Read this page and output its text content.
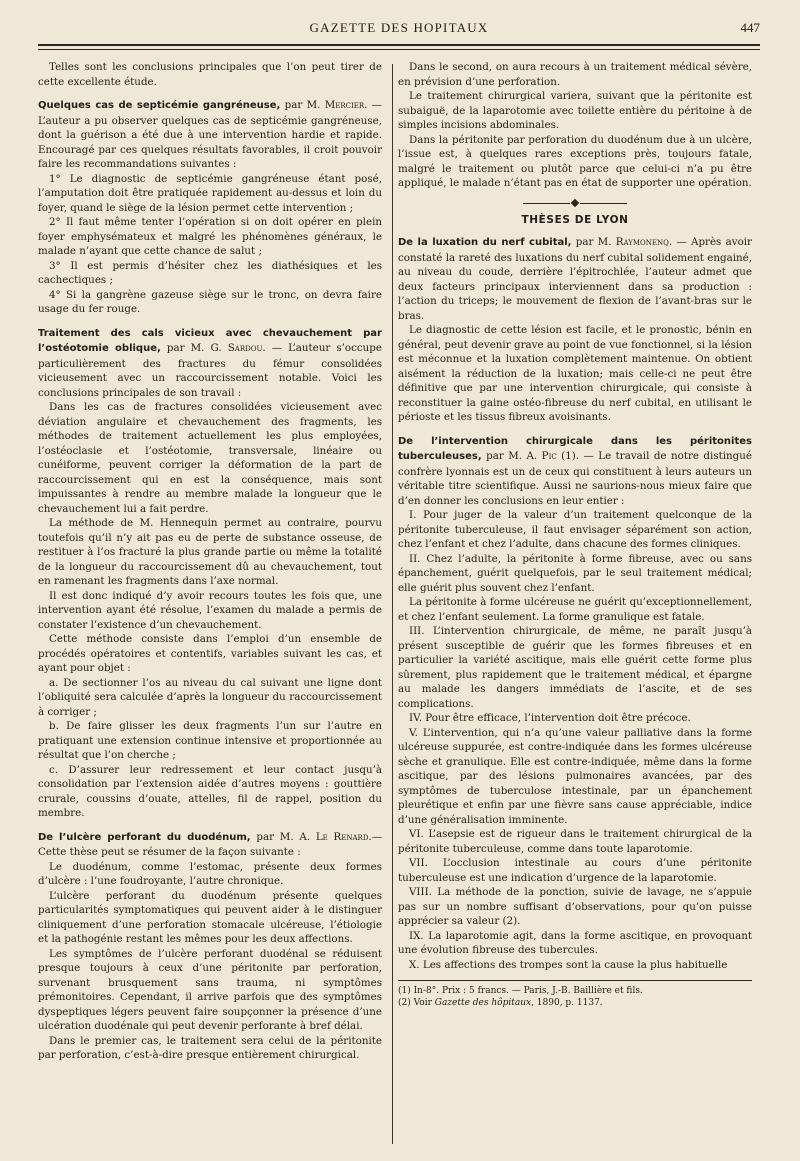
GAZETTE DES HOPITAUX	447

Telles sont les conclusions principales que l’on peut tirer de cette excellente étude.

Quelques cas de septicémie gangréneuse, par M. Mercier. — L’auteur a pu observer quelques cas de septicémie gangréneuse, dont la guérison a été due à une intervention hardie et rapide. Encouragé par ces quelques résultats favorables, il croit pouvoir faire les recommandations suivantes :

1° Le diagnostic de septicémie gangréneuse étant posé, l’amputation doit être pratiquée rapidement au-dessus et loin du foyer, quand le siège de la lésion permet cette intervention ;

2° Il faut même tenter l’opération si on doit opérer en plein foyer emphysémateux et malgré les phénomènes généraux, le malade n’ayant que cette chance de salut ;

3° Il est permis d’hésiter chez les diathésiques et les cachectiques ;

4° Si la gangrène gazeuse siège sur le tronc, on devra faire usage du fer rouge.

Traitement des cals vicieux avec chevauchement par l’ostéotomie oblique, par M. G. Sardou. — L’auteur s’occupe particulièrement des fractures du fémur consolidées vicieusement avec un raccourcissement notable. Voici les conclusions principales de son travail :

Dans les cas de fractures consolidées vicieusement avec déviation angulaire et chevauchement des fragments, les méthodes de traitement actuellement les plus employées, l’ostéoclasie et l’ostéotomie, transversale, linéaire ou cunéiforme, peuvent corriger la déformation de la part de raccourcissement qui en est la conséquence, mais sont impuissantes à rendre au membre malade la longueur que le chevauchement lui a fait perdre.

La méthode de M. Hennequin permet au contraire, pourvu toutefois qu’il n’y ait pas eu de perte de substance osseuse, de restituer à l’os fracturé la plus grande partie ou même la totalité de la longueur du raccourcissement dû au chevauchement, tout en ramenant les fragments dans l’axe normal.

Il est donc indiqué d’y avoir recours toutes les fois que, une intervention ayant été résolue, l’examen du malade a permis de constater l’existence d’un chevauchement.

Cette méthode consiste dans l’emploi d’un ensemble de procédés opératoires et contentifs, variables suivant les cas, et ayant pour objet :

a. De sectionner l’os au niveau du cal suivant une ligne dont l’obliquité sera calculée d’après la longueur du raccourcissement à corriger ;

b. De faire glisser les deux fragments l’un sur l’autre en pratiquant une extension continue intensive et proportionnée au résultat que l’on cherche ;

c. D’assurer leur redressement et leur contact jusqu’à consolidation par l’extension aidée d’autres moyens : gouttière crurale, coussins d’ouate, attelles, fil de rappel, position du membre.

De l’ulcère perforant du duodénum, par M. A. Le Renard.— Cette thèse peut se résumer de la façon suivante :

Le duodénum, comme l’estomac, présente deux formes d’ulcère : l’une foudroyante, l’autre chronique.

L’ulcère perforant du duodénum présente quelques particularités symptomatiques qui peuvent aider à le distinguer cliniquement d’une perforation stomacale ulcéreuse, l’étiologie et la pathogénie restant les mêmes pour les deux affections.

Les symptômes de l’ulcère perforant duodénal se réduisent presque toujours à ceux d’une péritonite par perforation, survenant brusquement sans trauma, ni symptômes prémonitoires. Cependant, il arrive parfois que des symptômes dyspeptiques légers peuvent faire soupçonner la présence d’une ulcération duodénale qui peut devenir perforante à bref délai.

Dans le premier cas, le traitement sera celui de la péritonite par perforation, c’est-à-dire presque entièrement chirurgical.

Dans le second, on aura recours à un traitement médical sévère, en prévision d’une perforation.

Le traitement chirurgical variera, suivant que la péritonite est subaiguë, de la laparotomie avec toilette entière du péritoine à de simples incisions abdominales.

Dans la péritonite par perforation du duodénum due à un ulcère, l’issue est, à quelques rares exceptions près, toujours fatale, malgré le traitement ou plutôt parce que celui-ci n’a pu être appliqué, le malade n’étant pas en état de supporter une opération.

THÈSES DE LYON

De la luxation du nerf cubital, par M. Raymonenq. — Après avoir constaté la rareté des luxations du nerf cubital solidement engainé, au niveau du coude, derrière l’épitrochlée, l’auteur admet que deux facteurs principaux interviennent dans sa production : l’action du triceps; le mouvement de flexion de l’avant-bras sur le bras.

Le diagnostic de cette lésion est facile, et le pronostic, bénin en général, peut devenir grave au point de vue fonctionnel, si la lésion est méconnue et la luxation complètement maintenue. On obtient aisément la réduction de la luxation; mais celle-ci ne peut être définitive que par une intervention chirurgicale, qui consiste à reconstituer la gaine ostéo-fibreuse du nerf cubital, en utilisant le périoste et les tissus fibreux avoisinants.

De l’intervention chirurgicale dans les péritonites tuberculeuses, par M. A. Pic (1). — Le travail de notre distingué confrère lyonnais est un de ceux qui constituent à leurs auteurs un véritable titre scientifique. Aussi ne saurions-nous mieux faire que d’en donner les conclusions en leur entier :

I. Pour juger de la valeur d’un traitement quelconque de la péritonite tuberculeuse, il faut envisager séparément son action, chez l’enfant et chez l’adulte, dans chacune des formes cliniques.

II. Chez l’adulte, la péritonite à forme fibreuse, avec ou sans épanchement, guérit quelquefois, par le seul traitement médical; elle guérit plus souvent chez l’enfant.

La péritonite à forme ulcéreuse ne guérit qu’exceptionnellement, et chez l’enfant seulement. La forme granulique est fatale.

III. L’intervention chirurgicale, de même, ne paraît jusqu’à présent susceptible de guérir que les formes fibreuses et en particulier la variété ascitique, mais elle guérit cette forme plus sûrement, plus rapidement que le traitement médical, et épargne au malade les dangers immédiats de l’ascite, et de ses complications.

IV. Pour être efficace, l’intervention doit être précoce.

V. L’intervention, qui n’a qu’une valeur palliative dans la forme ulcéreuse suppurée, est contre-indiquée dans les formes ulcéreuse sèche et granulique. Elle est contre-indiquée, même dans la forme ascitique, par des lésions pulmonaires avancées, par des symptômes de tuberculose intestinale, par un épanchement pleurétique et enfin par une fièvre sans cause appréciable, indice d’une généralisation imminente.

VI. L’asepsie est de rigueur dans le traitement chirurgical de la péritonite tuberculeuse, comme dans toute laparotomie.

VII. L’occlusion intestinale au cours d’une péritonite tuberculeuse est une indication d’urgence de la laparotomie.

VIII. La méthode de la ponction, suivie de lavage, ne s’appuie pas sur un nombre suffisant d’observations, pour qu’on puisse apprécier sa valeur (2).

IX. La laparotomie agit, dans la forme ascitique, en provoquant une évolution fibreuse des tubercules.

X. Les affections des trompes sont la cause la plus habituelle

(1) In-8°. Prix : 5 francs. — Paris, J.-B. Baillière et fils.

(2) Voir Gazette des hôpitaux, 1890, p. 1137.
